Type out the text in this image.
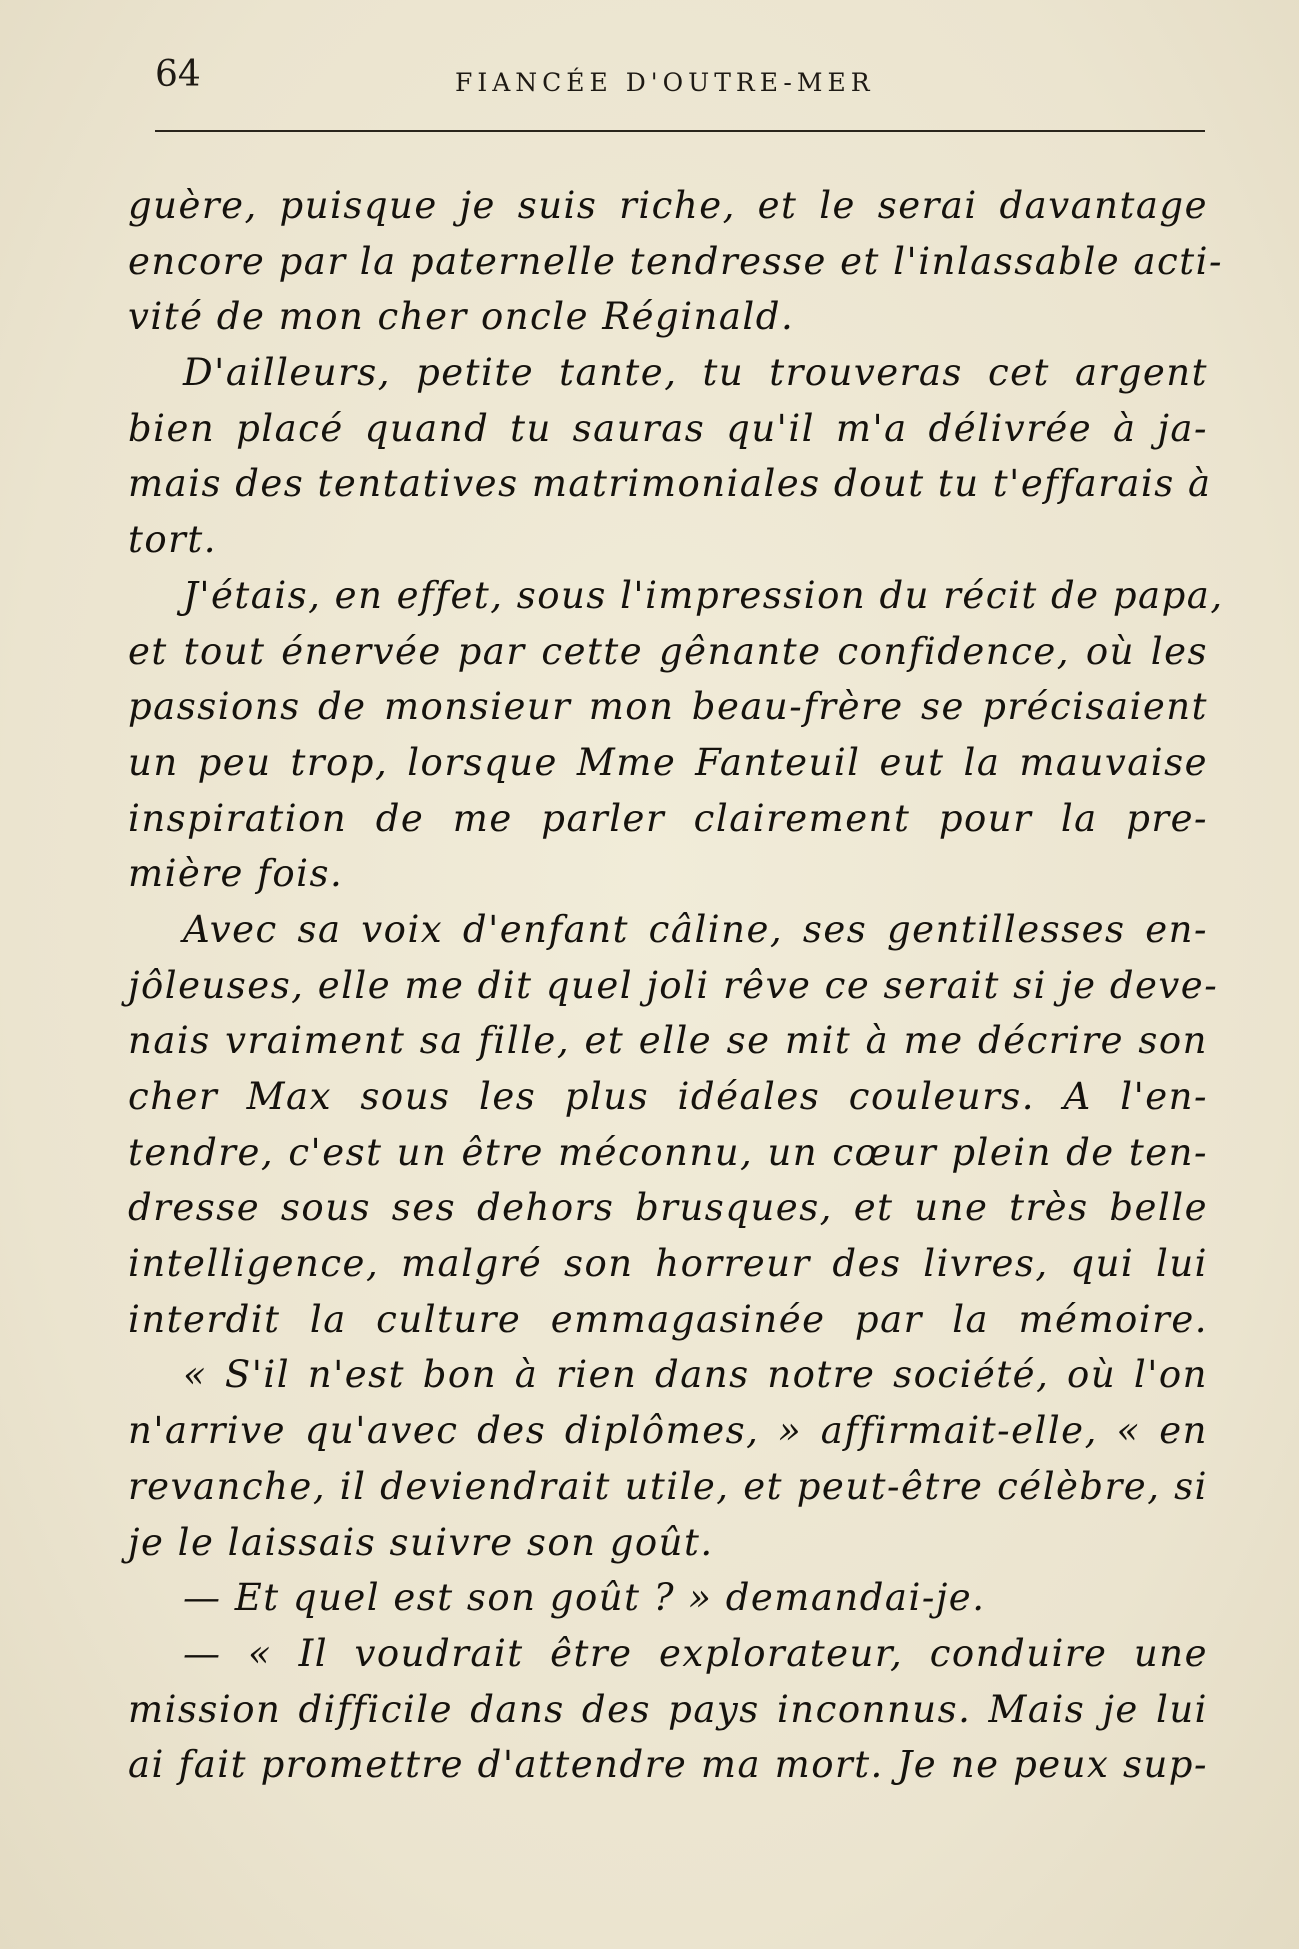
64	FIANCÉE D'OUTRE-MER
guère, puisque je suis riche, et le serai davantage
encore par la paternelle tendresse et l'inlassable acti-
vité de mon cher oncle Réginald.
D'ailleurs, petite tante, tu trouveras cet argent
bien placé quand tu sauras qu'il m'a délivrée à ja-
mais des tentatives matrimoniales dout tu t'effarais à
tort.
J'étais, en effet, sous l'impression du récit de papa,
et tout énervée par cette gênante confidence, où les
passions de monsieur mon beau-frère se précisaient
un peu trop, lorsque Mme Fanteuil eut la mauvaise
inspiration de me parler clairement pour la pre-
mière fois.
Avec sa voix d'enfant câline, ses gentillesses en-
jôleuses, elle me dit quel joli rêve ce serait si je deve-
nais vraiment sa fille, et elle se mit à me décrire son
cher Max sous les plus idéales couleurs. A l'en-
tendre, c'est un être méconnu, un cœur plein de ten-
dresse sous ses dehors brusques, et une très belle
intelligence, malgré son horreur des livres, qui lui
interdit la culture emmagasinée par la mémoire.
« S'il n'est bon à rien dans notre société, où l'on
n'arrive qu'avec des diplômes, » affirmait-elle, « en
revanche, il deviendrait utile, et peut-être célèbre, si
je le laissais suivre son goût.
— Et quel est son goût ? » demandai-je.
— « Il voudrait être explorateur, conduire une
mission difficile dans des pays inconnus. Mais je lui
ai fait promettre d'attendre ma mort. Je ne peux sup-
